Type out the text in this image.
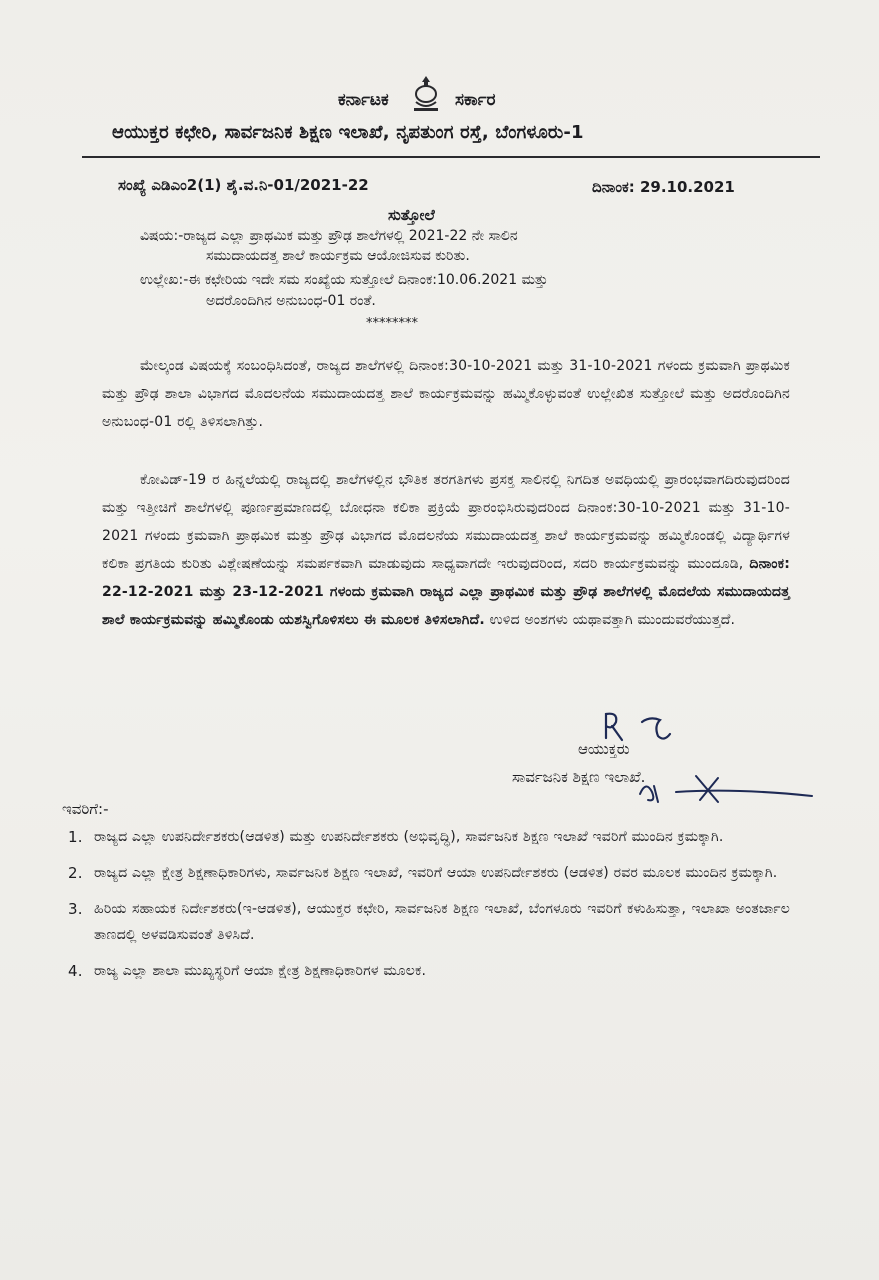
ಕರ್ನಾಟಕ	ಸರ್ಕಾರ
ಆಯುಕ್ತರ ಕಛೇರಿ, ಸಾರ್ವಜನಿಕ ಶಿಕ್ಷಣ ಇಲಾಖೆ, ನೃಪತುಂಗ ರಸ್ತೆ, ಬೆಂಗಳೂರು-1
ಸಂಖ್ಯೆ ಎಡಿಎಂ2(1) ಶೈ.ವ.ನಿ-01/2021-22	ದಿನಾಂಕ: 29.10.2021
ಸುತ್ತೋಲೆ
ವಿಷಯ:-ರಾಜ್ಯದ ಎಲ್ಲಾ ಪ್ರಾಥಮಿಕ ಮತ್ತು ಪ್ರೌಢ ಶಾಲೆಗಳಲ್ಲಿ 2021-22 ನೇ ಸಾಲಿನ
ಸಮುದಾಯದತ್ತ ಶಾಲೆ ಕಾರ್ಯಕ್ರಮ ಆಯೋಜಿಸುವ ಕುರಿತು.
ಉಲ್ಲೇಖ:-ಈ ಕಛೇರಿಯ ಇದೇ ಸಮ ಸಂಖ್ಯೆಯ ಸುತ್ತೋಲೆ ದಿನಾಂಕ:10.06.2021 ಮತ್ತು
ಅದರೊಂದಿಗಿನ ಅನುಬಂಧ-01 ರಂತೆ.
********
ಮೇಲ್ಕಂಡ ವಿಷಯಕ್ಕೆ ಸಂಬಂಧಿಸಿದಂತೆ, ರಾಜ್ಯದ ಶಾಲೆಗಳಲ್ಲಿ ದಿನಾಂಕ:30-10-2021 ಮತ್ತು 31-10-2021 ಗಳಂದು ಕ್ರಮವಾಗಿ ಪ್ರಾಥಮಿಕ ಮತ್ತು ಪ್ರೌಢ ಶಾಲಾ ವಿಭಾಗದ ಮೊದಲನೆಯ ಸಮುದಾಯದತ್ತ ಶಾಲೆ ಕಾರ್ಯಕ್ರಮವನ್ನು ಹಮ್ಮಿಕೊಳ್ಳುವಂತೆ ಉಲ್ಲೇಖಿತ ಸುತ್ತೋಲೆ ಮತ್ತು ಅದರೊಂದಿಗಿನ ಅನುಬಂಧ-01 ರಲ್ಲಿ ತಿಳಿಸಲಾಗಿತ್ತು.
ಕೋವಿಡ್-19 ರ ಹಿನ್ನಲೆಯಲ್ಲಿ ರಾಜ್ಯದಲ್ಲಿ ಶಾಲೆಗಳಲ್ಲಿನ ಭೌತಿಕ ತರಗತಿಗಳು ಪ್ರಸಕ್ತ ಸಾಲಿನಲ್ಲಿ ನಿಗದಿತ ಅವಧಿಯಲ್ಲಿ ಪ್ರಾರಂಭವಾಗದಿರುವುದರಿಂದ ಮತ್ತು ಇತ್ತೀಚಿಗೆ ಶಾಲೆಗಳಲ್ಲಿ ಪೂರ್ಣಪ್ರಮಾಣದಲ್ಲಿ ಬೋಧನಾ ಕಲಿಕಾ ಪ್ರಕ್ರಿಯೆ ಪ್ರಾರಂಭಿಸಿರುವುದರಿಂದ ದಿನಾಂಕ:30-10-2021 ಮತ್ತು 31-10-2021 ಗಳಂದು ಕ್ರಮವಾಗಿ ಪ್ರಾಥಮಿಕ ಮತ್ತು ಪ್ರೌಢ ವಿಭಾಗದ ಮೊದಲನೆಯ ಸಮುದಾಯದತ್ತ ಶಾಲೆ ಕಾರ್ಯಕ್ರಮವನ್ನು ಹಮ್ಮಿಕೊಂಡಲ್ಲಿ ವಿದ್ಯಾರ್ಥಿಗಳ ಕಲಿಕಾ ಪ್ರಗತಿಯ ಕುರಿತು ವಿಶ್ಲೇಷಣೆಯನ್ನು ಸಮರ್ಪಕವಾಗಿ ಮಾಡುವುದು ಸಾಧ್ಯವಾಗದೇ ಇರುವುದರಿಂದ, ಸದರಿ ಕಾರ್ಯಕ್ರಮವನ್ನು ಮುಂದೂಡಿ, ದಿನಾಂಕ: 22-12-2021 ಮತ್ತು 23-12-2021 ಗಳಂದು ಕ್ರಮವಾಗಿ ರಾಜ್ಯದ ಎಲ್ಲಾ ಪ್ರಾಥಮಿಕ ಮತ್ತು ಪ್ರೌಢ ಶಾಲೆಗಳಲ್ಲಿ ಮೊದಲೆಯ ಸಮುದಾಯದತ್ತ ಶಾಲೆ ಕಾರ್ಯಕ್ರಮವನ್ನು ಹಮ್ಮಿಕೊಂಡು ಯಶಸ್ವಿಗೊಳಿಸಲು ಈ ಮೂಲಕ ತಿಳಿಸಲಾಗಿದೆ. ಉಳಿದ ಅಂಶಗಳು ಯಥಾವತ್ತಾಗಿ ಮುಂದುವರೆಯುತ್ತದೆ.
ಆಯುಕ್ತರು
ಸಾರ್ವಜನಿಕ ಶಿಕ್ಷಣ ಇಲಾಖೆ.
ಇವರಿಗೆ:-
1. ರಾಜ್ಯದ ಎಲ್ಲಾ ಉಪನಿರ್ದೇಶಕರು(ಆಡಳಿತ) ಮತ್ತು ಉಪನಿರ್ದೇಶಕರು (ಅಭಿವೃದ್ಧಿ), ಸಾರ್ವಜನಿಕ ಶಿಕ್ಷಣ ಇಲಾಖೆ ಇವರಿಗೆ ಮುಂದಿನ ಕ್ರಮಕ್ಕಾಗಿ.
2. ರಾಜ್ಯದ ಎಲ್ಲಾ ಕ್ಷೇತ್ರ ಶಿಕ್ಷಣಾಧಿಕಾರಿಗಳು, ಸಾರ್ವಜನಿಕ ಶಿಕ್ಷಣ ಇಲಾಖೆ, ಇವರಿಗೆ ಆಯಾ ಉಪನಿರ್ದೇಶಕರು (ಆಡಳಿತ) ರವರ ಮೂಲಕ ಮುಂದಿನ ಕ್ರಮಕ್ಕಾಗಿ.
3. ಹಿರಿಯ ಸಹಾಯಕ ನಿರ್ದೇಶಕರು(ಇ-ಆಡಳಿತ), ಆಯುಕ್ತರ ಕಛೇರಿ, ಸಾರ್ವಜನಿಕ ಶಿಕ್ಷಣ ಇಲಾಖೆ, ಬೆಂಗಳೂರು ಇವರಿಗೆ ಕಳುಹಿಸುತ್ತಾ, ಇಲಾಖಾ ಅಂತರ್ಜಾಲ ತಾಣದಲ್ಲಿ ಅಳವಡಿಸುವಂತೆ ತಿಳಿಸಿದೆ.
4. ರಾಜ್ಯ ಎಲ್ಲಾ ಶಾಲಾ ಮುಖ್ಯಸ್ಥರಿಗೆ ಆಯಾ ಕ್ಷೇತ್ರ ಶಿಕ್ಷಣಾಧಿಕಾರಿಗಳ ಮೂಲಕ.
